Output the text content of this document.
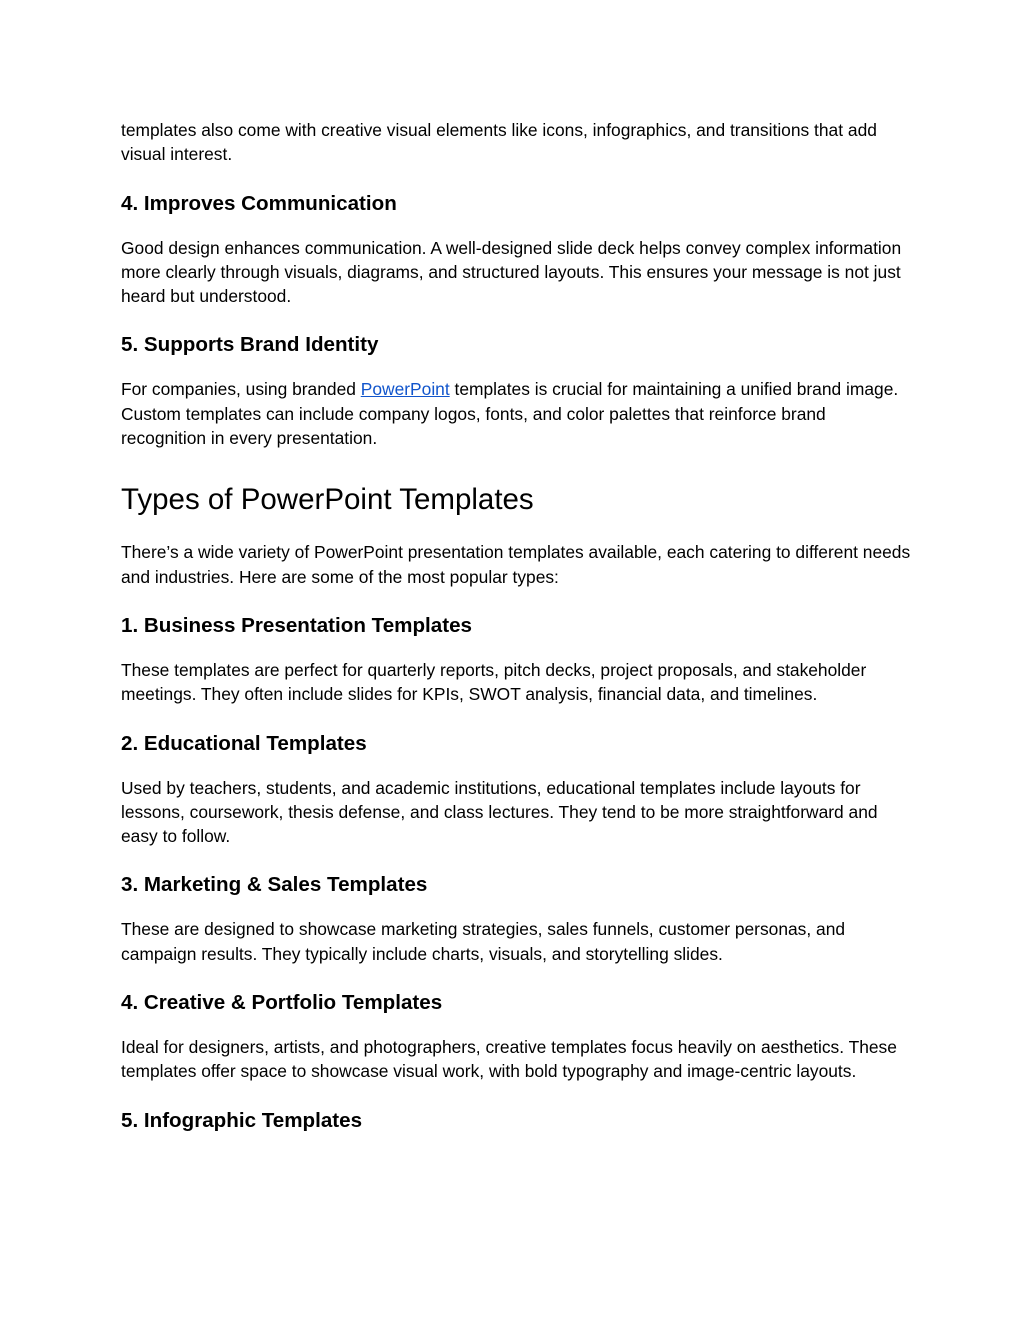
templates also come with creative visual elements like icons, infographics, and transitions that add visual interest.

4. Improves Communication

Good design enhances communication. A well-designed slide deck helps convey complex information more clearly through visuals, diagrams, and structured layouts. This ensures your message is not just heard but understood.

5. Supports Brand Identity

For companies, using branded PowerPoint templates is crucial for maintaining a unified brand image. Custom templates can include company logos, fonts, and color palettes that reinforce brand recognition in every presentation.

Types of PowerPoint Templates

There’s a wide variety of PowerPoint presentation templates available, each catering to different needs and industries. Here are some of the most popular types:

1. Business Presentation Templates

These templates are perfect for quarterly reports, pitch decks, project proposals, and stakeholder meetings. They often include slides for KPIs, SWOT analysis, financial data, and timelines.

2. Educational Templates

Used by teachers, students, and academic institutions, educational templates include layouts for lessons, coursework, thesis defense, and class lectures. They tend to be more straightforward and easy to follow.

3. Marketing & Sales Templates

These are designed to showcase marketing strategies, sales funnels, customer personas, and campaign results. They typically include charts, visuals, and storytelling slides.

4. Creative & Portfolio Templates

Ideal for designers, artists, and photographers, creative templates focus heavily on aesthetics. These templates offer space to showcase visual work, with bold typography and image-centric layouts.

5. Infographic Templates
